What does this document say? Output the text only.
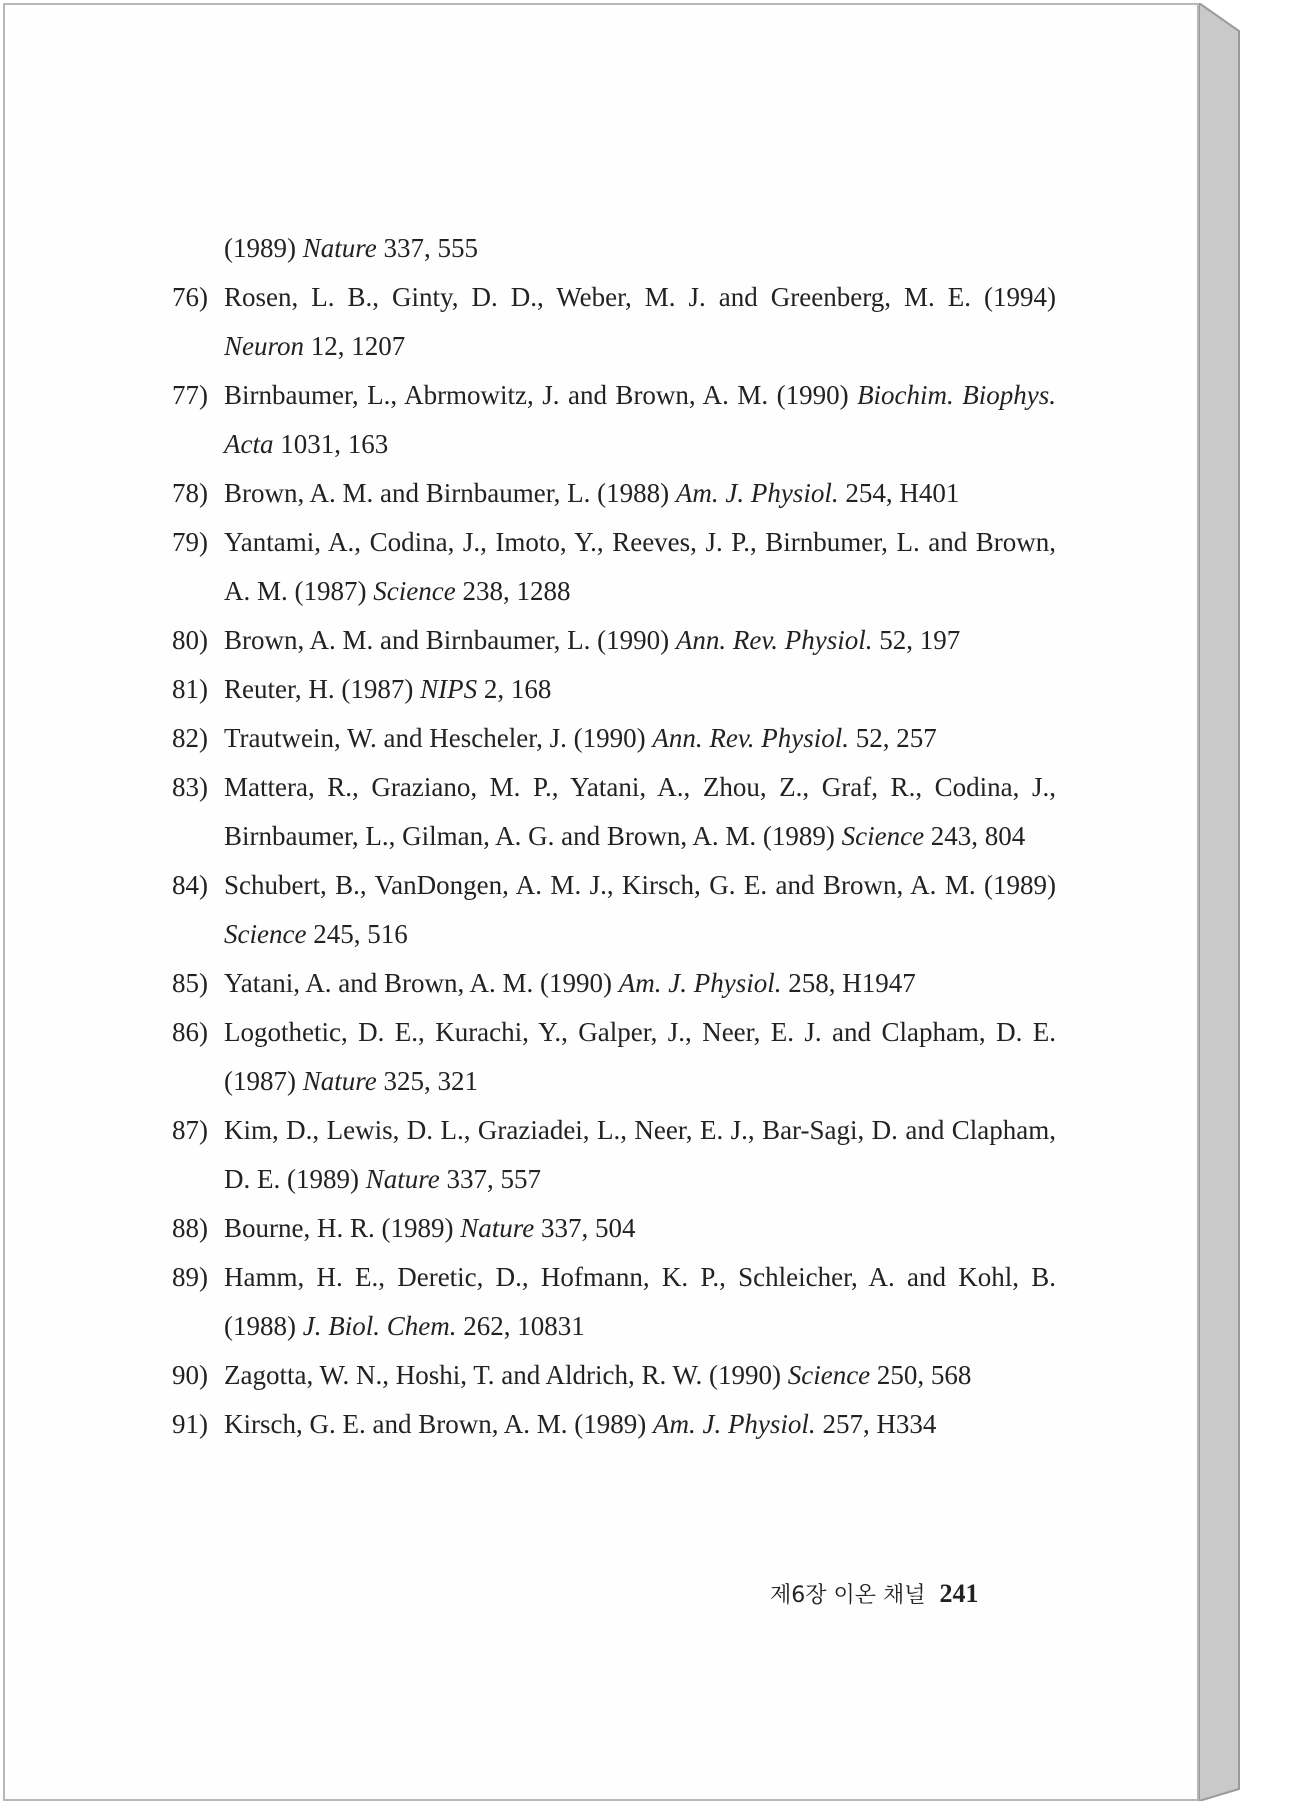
(1989) Nature 337, 555
76) Rosen, L. B., Ginty, D. D., Weber, M. J. and Greenberg, M. E. (1994) Neuron 12, 1207
77) Birnbaumer, L., Abrmowitz, J. and Brown, A. M. (1990) Biochim. Biophys. Acta 1031, 163
78) Brown, A. M. and Birnbaumer, L. (1988) Am. J. Physiol. 254, H401
79) Yantami, A., Codina, J., Imoto, Y., Reeves, J. P., Birnbumer, L. and Brown, A. M. (1987) Science 238, 1288
80) Brown, A. M. and Birnbaumer, L. (1990) Ann. Rev. Physiol. 52, 197
81) Reuter, H. (1987) NIPS 2, 168
82) Trautwein, W. and Hescheler, J. (1990) Ann. Rev. Physiol. 52, 257
83) Mattera, R., Graziano, M. P., Yatani, A., Zhou, Z., Graf, R., Codina, J., Birnbaumer, L., Gilman, A. G. and Brown, A. M. (1989) Science 243, 804
84) Schubert, B., VanDongen, A. M. J., Kirsch, G. E. and Brown, A. M. (1989) Science 245, 516
85) Yatani, A. and Brown, A. M. (1990) Am. J. Physiol. 258, H1947
86) Logothetic, D. E., Kurachi, Y., Galper, J., Neer, E. J. and Clapham, D. E. (1987) Nature 325, 321
87) Kim, D., Lewis, D. L., Graziadei, L., Neer, E. J., Bar-Sagi, D. and Clapham, D. E. (1989) Nature 337, 557
88) Bourne, H. R. (1989) Nature 337, 504
89) Hamm, H. E., Deretic, D., Hofmann, K. P., Schleicher, A. and Kohl, B. (1988) J. Biol. Chem. 262, 10831
90) Zagotta, W. N., Hoshi, T. and Aldrich, R. W. (1990) Science 250, 568
91) Kirsch, G. E. and Brown, A. M. (1989) Am. J. Physiol. 257, H334
제6장 이온 채널 241
